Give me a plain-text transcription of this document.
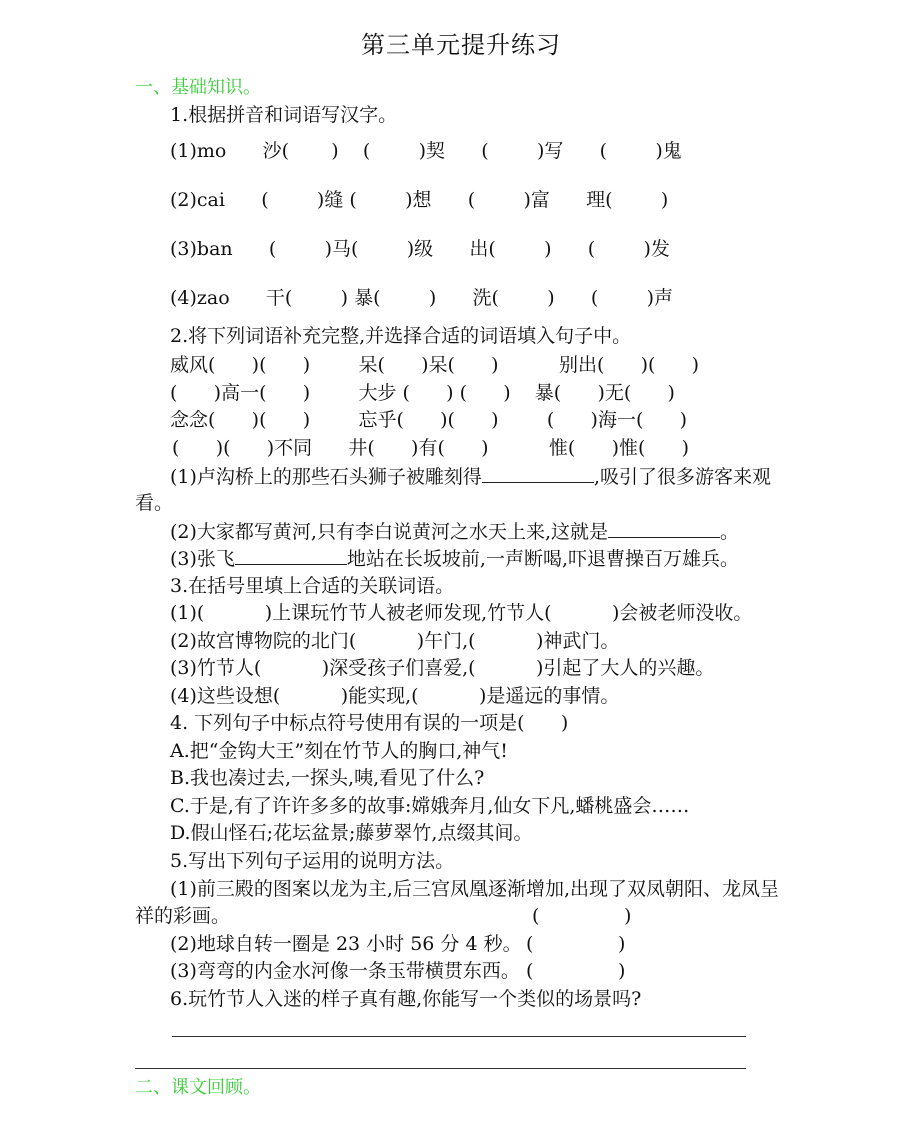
第三单元提升练习
一、基础知识。
1.根据拼音和词语写汉字。
(1)mo      沙(       )    (        )契      (        )写      (        )鬼
(2)cai      (        )缝 (        )想      (        )富      理(        )
(3)ban      (        )马(        )级      出(        )      (        )发
(4)zao      干(        ) 暴(        )      洗(        )      (        )声
2.将下列词语补充完整,并选择合适的词语填入句子中。
威风(      )(      )        呆(      )呆(      )          别出(      )(      )
(      )高一(      )        大步 (      ) (      )    暴(      )无(      )
念念(      )(      )        忘乎(      )(      )        (      )海一(      )
(      )(      )不同      井(      )有(      )          惟(      )惟(      )
(1)卢沟桥上的那些石头狮子被雕刻得	,吸引了很多游客来观
看。
(2)大家都写黄河,只有李白说黄河之水天上来,这就是	。
(3)张飞	地站在长坂坡前,一声断喝,吓退曹操百万雄兵。
3.在括号里填上合适的关联词语。
(1)(          )上课玩竹节人被老师发现,竹节人(          )会被老师没收。
(2)故宫博物院的北门(          )午门,(          )神武门。
(3)竹节人(          )深受孩子们喜爱,(          )引起了大人的兴趣。
(4)这些设想(          )能实现,(          )是遥远的事情。
4. 下列句子中标点符号使用有误的一项是(      )
A.把“金钩大王”刻在竹节人的胸口,神气!
B.我也凑过去,一探头,咦,看见了什么?
C.于是,有了许许多多的故事:嫦娥奔月,仙女下凡,蟠桃盛会……
D.假山怪石;花坛盆景;藤萝翠竹,点缀其间。
5.写出下列句子运用的说明方法。
(1)前三殿的图案以龙为主,后三宫凤凰逐渐增加,出现了双凤朝阳、龙凤呈
祥的彩画。	(              )
(2)地球自转一圈是 23 小时 56 分 4 秒。 (              )
(3)弯弯的内金水河像一条玉带横贯东西。 (              )
6.玩竹节人入迷的样子真有趣,你能写一个类似的场景吗?
二、课文回顾。
